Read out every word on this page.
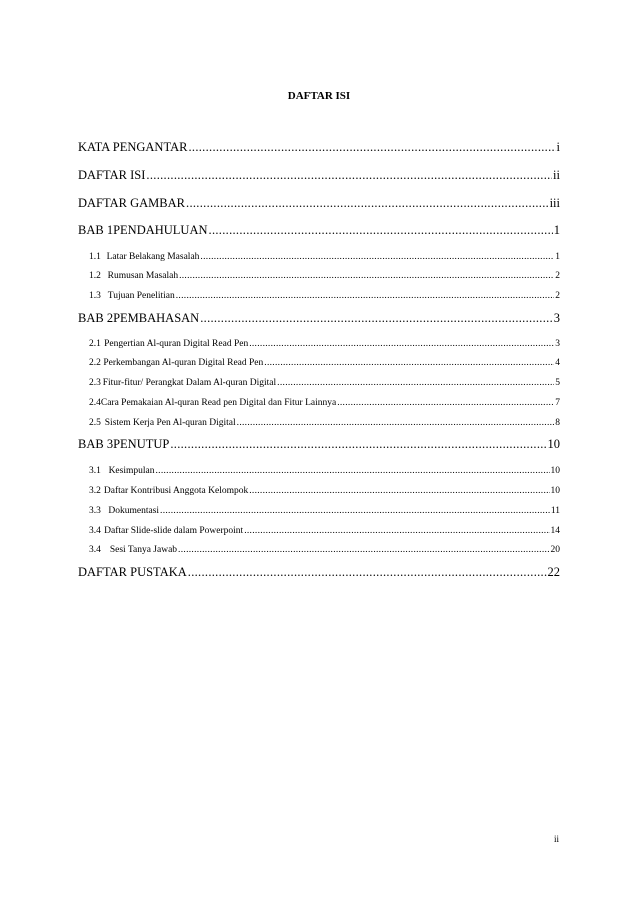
DAFTAR ISI
KATA PENGANTAR .....	i
DAFTAR ISI .....	ii
DAFTAR GAMBAR .....	iii
BAB 1 PENDAHULUAN .....	1
1.1 Latar Belakang Masalah .....	1
1.2 Rumusan Masalah .....	2
1.3 Tujuan Penelitian .....	2
BAB 2 PEMBAHASAN .....	3
2.1 Pengertian Al-quran Digital Read Pen .....	3
2.2 Perkembangan Al-quran Digital Read Pen .....	4
2.3 Fitur-fitur/ Perangkat Dalam Al-quran Digital .....	5
2.4 Cara Pemakaian Al-quran Read pen Digital dan Fitur Lainnya .....	7
2.5 Sistem Kerja Pen Al-quran Digital .....	8
BAB 3 PENUTUP .....	10
3.1 Kesimpulan .....	10
3.2 Daftar Kontribusi Anggota Kelompok .....	10
3.3 Dokumentasi .....	11
3.4 Daftar Slide-slide dalam Powerpoint .....	14
3.4 Sesi Tanya Jawab .....	20
DAFTAR PUSTAKA .....	22
ii
